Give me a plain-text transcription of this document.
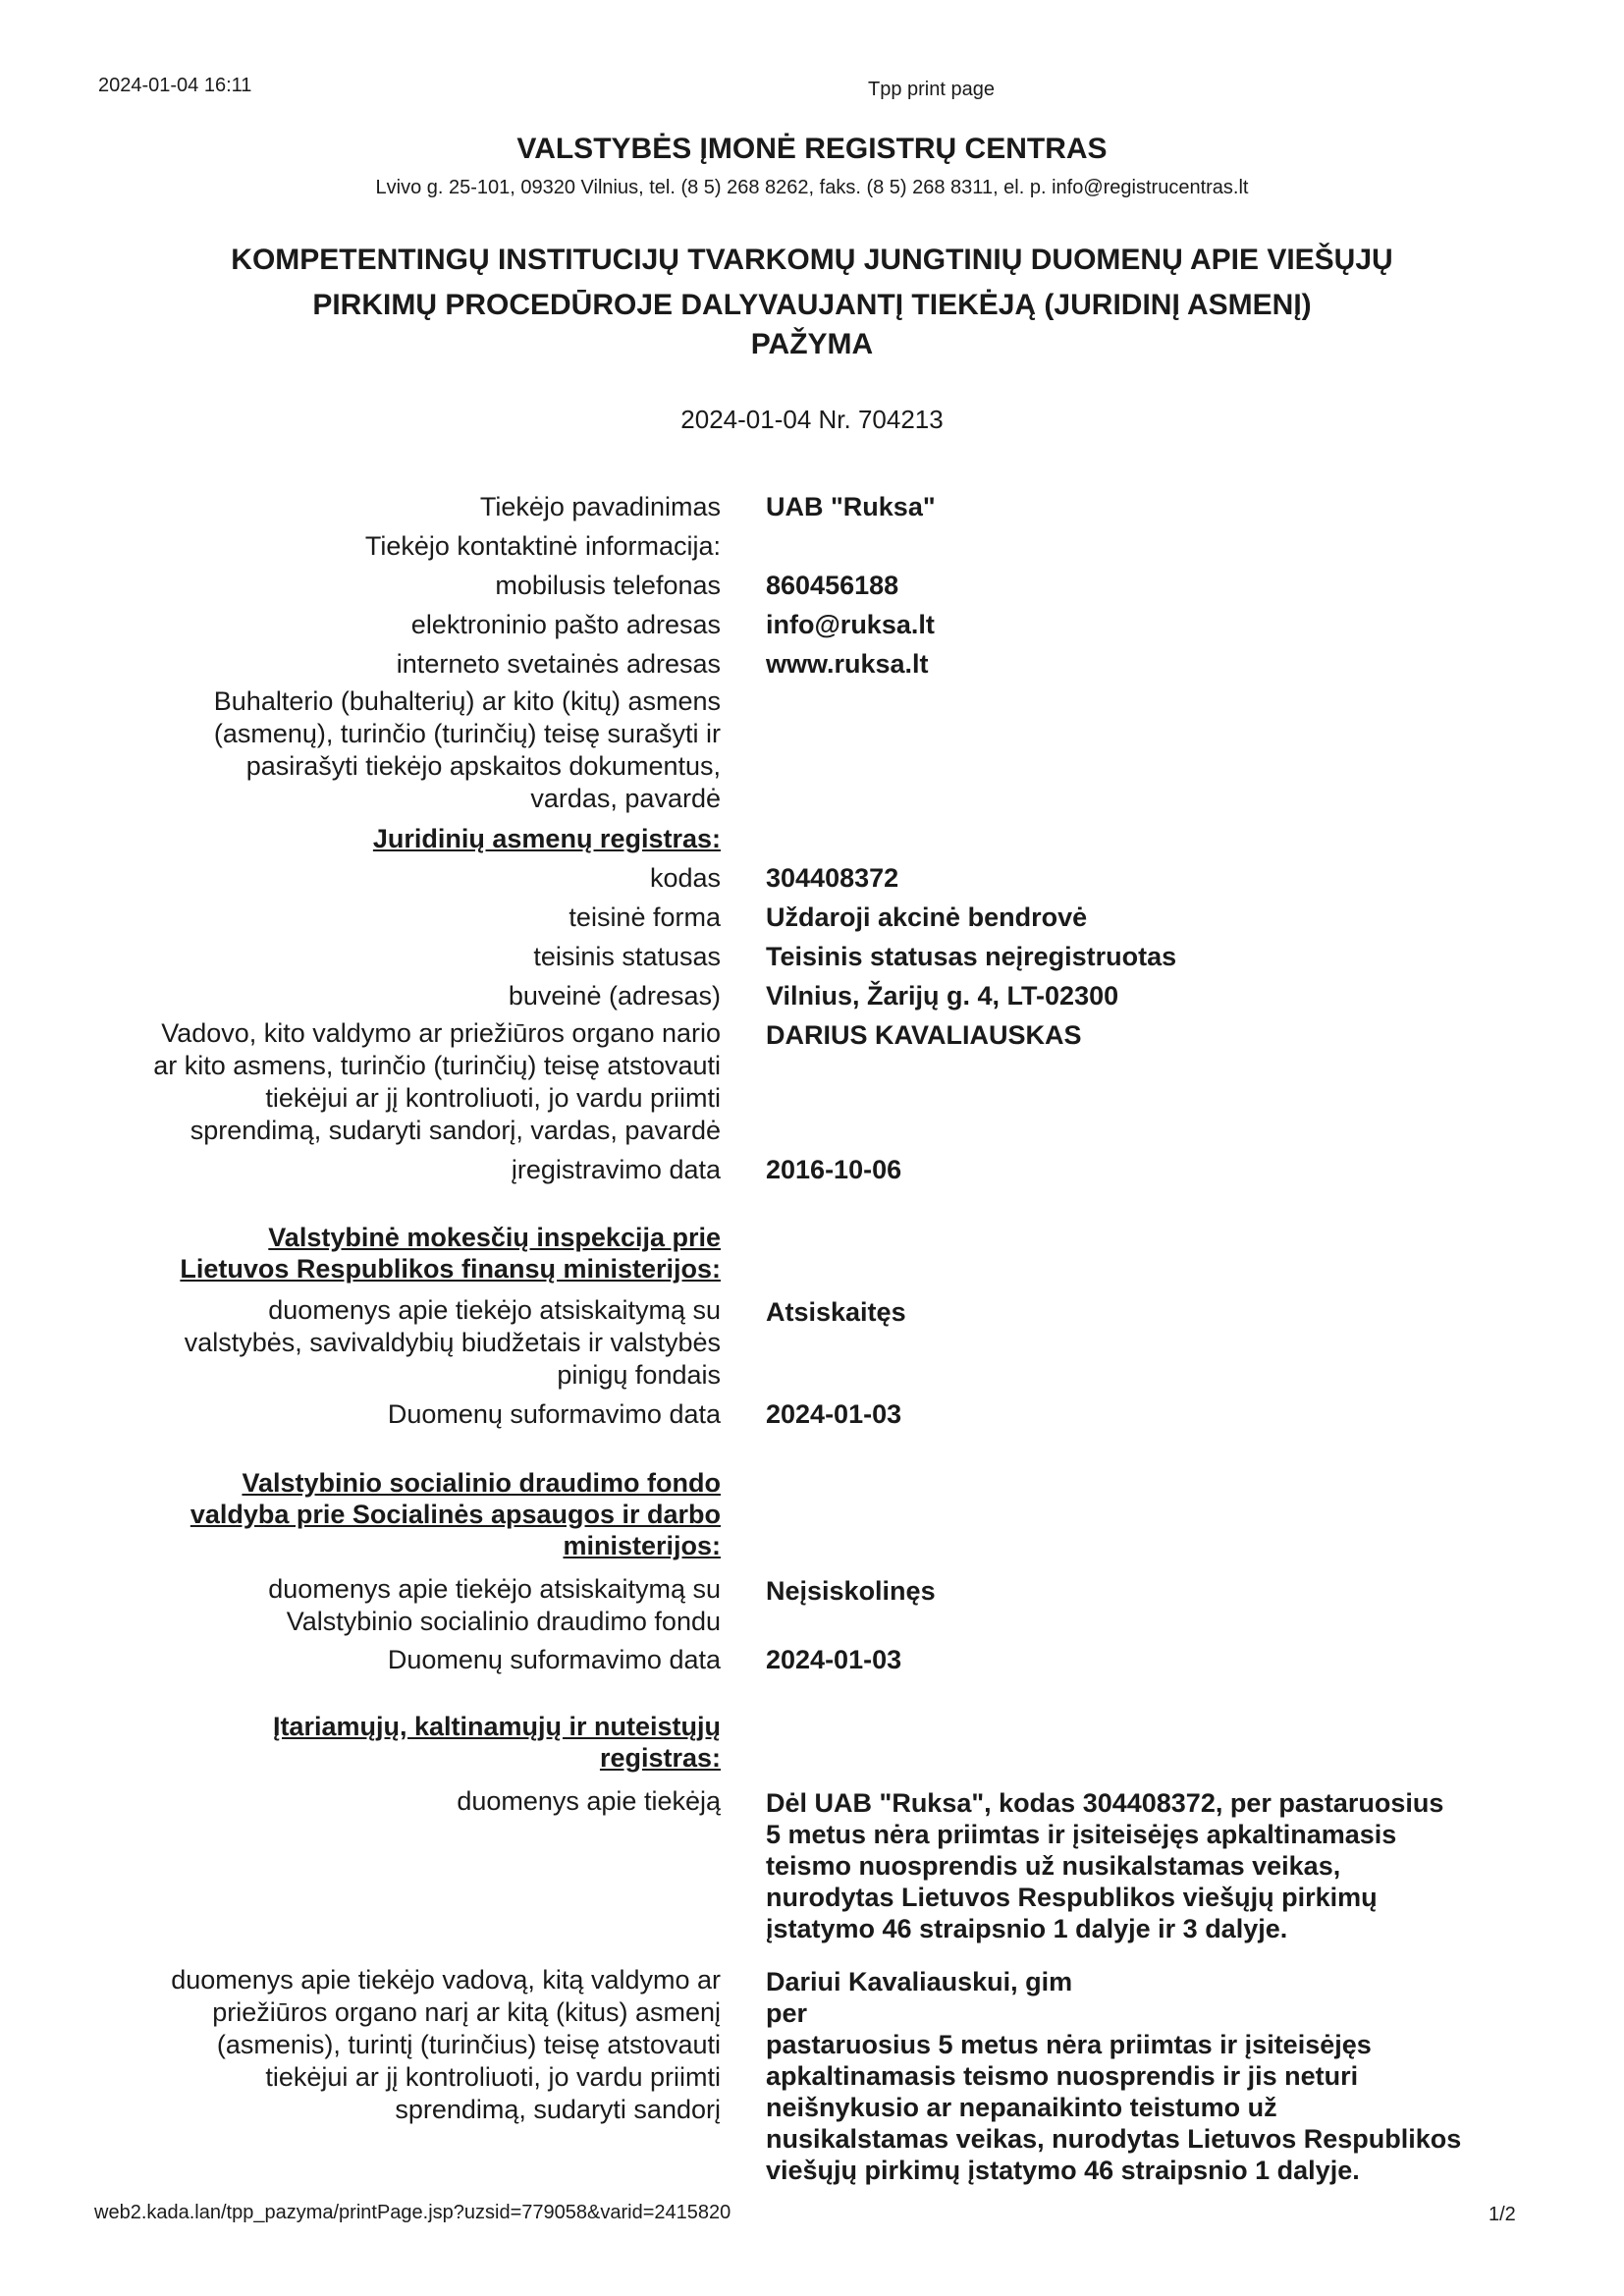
2024-01-04 16:11	Tpp print page
VALSTYBĖS ĮMONĖ REGISTRŲ CENTRAS
Lvivo g. 25-101, 09320 Vilnius, tel. (8 5) 268 8262, faks. (8 5) 268 8311, el. p. info@registrucentras.lt
KOMPETENTINGŲ INSTITUCIJŲ TVARKOMŲ JUNGTINIŲ DUOMENŲ APIE VIEŠŲJŲ
PIRKIMŲ PROCEDŪROJE DALYVAUJANTĮ TIEKĖJĄ (JURIDINĮ ASMENĮ)
PAŽYMA
2024-01-04 Nr. 704213
Tiekėjo pavadinimas UAB "Ruksa"
Tiekėjo kontaktinė informacija:
mobilusis telefonas 860456188
elektroninio pašto adresas info@ruksa.lt
interneto svetainės adresas www.ruksa.lt
Buhalterio (buhalterių) ar kito (kitų) asmens
(asmenų), turinčio (turinčių) teisę surašyti ir
pasirašyti tiekėjo apskaitos dokumentus,
vardas, pavardė
Juridinių asmenų registras:
kodas 304408372
teisinė forma Uždaroji akcinė bendrovė
teisinis statusas Teisinis statusas neįregistruotas
buveinė (adresas) Vilnius, Žarijų g. 4, LT-02300
Vadovo, kito valdymo ar priežiūros organo nario
ar kito asmens, turinčio (turinčių) teisę atstovauti
tiekėjui ar jį kontroliuoti, jo vardu priimti
sprendimą, sudaryti sandorį, vardas, pavardė
DARIUS KAVALIAUSKAS
įregistravimo data 2016-10-06
Valstybinė mokesčių inspekcija prie
Lietuvos Respublikos finansų ministerijos:
duomenys apie tiekėjo atsiskaitymą su
valstybės, savivaldybių biudžetais ir valstybės
pinigų fondais
Atsiskaitęs
Duomenų suformavimo data 2024-01-03
Valstybinio socialinio draudimo fondo
valdyba prie Socialinės apsaugos ir darbo
ministerijos:
duomenys apie tiekėjo atsiskaitymą su
Valstybinio socialinio draudimo fondu
Neįsiskolinęs
Duomenų suformavimo data 2024-01-03
Įtariamųjų, kaltinamųjų ir nuteistųjų
registras:
duomenys apie tiekėją Dėl UAB "Ruksa", kodas 304408372, per pastaruosius
5 metus nėra priimtas ir įsiteisėjęs apkaltinamasis
teismo nuosprendis už nusikalstamas veikas,
nurodytas Lietuvos Respublikos viešųjų pirkimų
įstatymo 46 straipsnio 1 dalyje ir 3 dalyje.
duomenys apie tiekėjo vadovą, kitą valdymo ar
priežiūros organo narį ar kitą (kitus) asmenį
(asmenis), turintį (turinčius) teisę atstovauti
tiekėjui ar jį kontroliuoti, jo vardu priimti
sprendimą, sudaryti sandorį
Dariui Kavaliauskui, gim
per
pastaruosius 5 metus nėra priimtas ir įsiteisėjęs
apkaltinamasis teismo nuosprendis ir jis neturi
neišnykusio ar nepanaikinto teistumo už
nusikalstamas veikas, nurodytas Lietuvos Respublikos
viešųjų pirkimų įstatymo 46 straipsnio 1 dalyje.
web2.kada.lan/tpp_pazyma/printPage.jsp?uzsid=779058&varid=2415820	1/2
